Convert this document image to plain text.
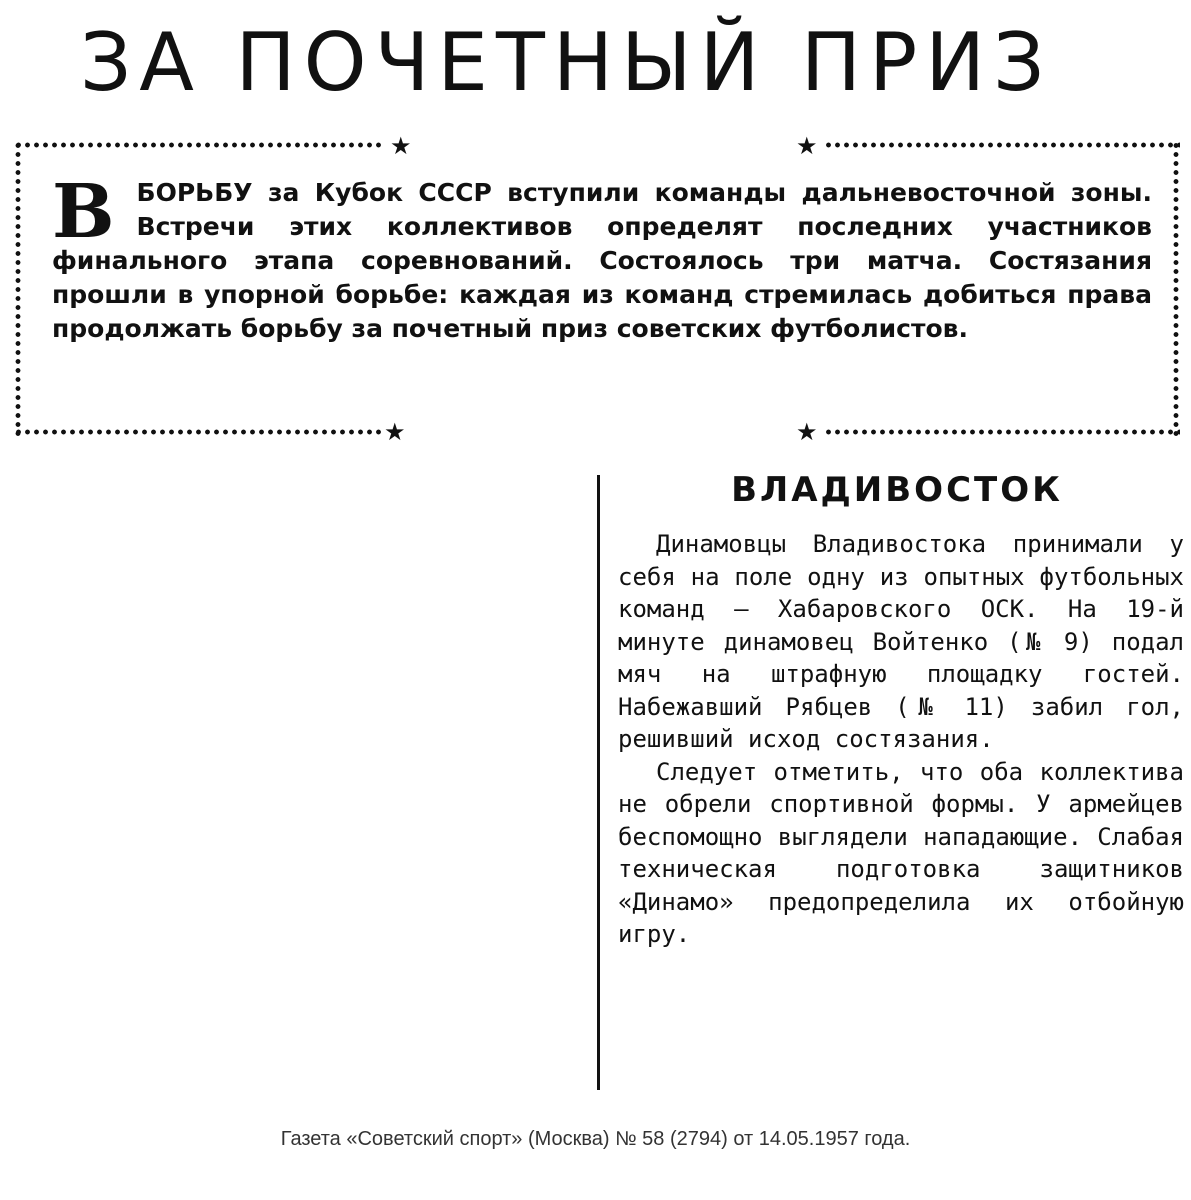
ЗА ПОЧЕТНЫЙ ПРИЗ
★	★
★	★
В БОРЬБУ за Кубок СССР вступили команды дальневосточной зоны. Встречи этих коллективов определят последних участников финального этапа соревнований. Состоялось три матча. Состязания прошли в упорной борьбе: каждая из команд стремилась добиться права продолжать борьбу за почетный приз советских футболистов.
ВЛАДИВОСТОК

Динамовцы Владивостока принимали у себя на поле одну из опытных футбольных команд — Хабаровского ОСК. На 19-й минуте динамовец Войтенко (№ 9) подал мяч на штрафную площадку гостей. Набежавший Рябцев (№ 11) забил гол, решивший исход состязания.

Следует отметить, что оба коллектива не обрели спортивной формы. У армейцев беспомощно выглядели нападающие. Слабая техническая подготовка защитников «Динамо» предопределила их отбойную игру.

Газета «Советский спорт» (Москва) № 58 (2794) от 14.05.1957 года.
